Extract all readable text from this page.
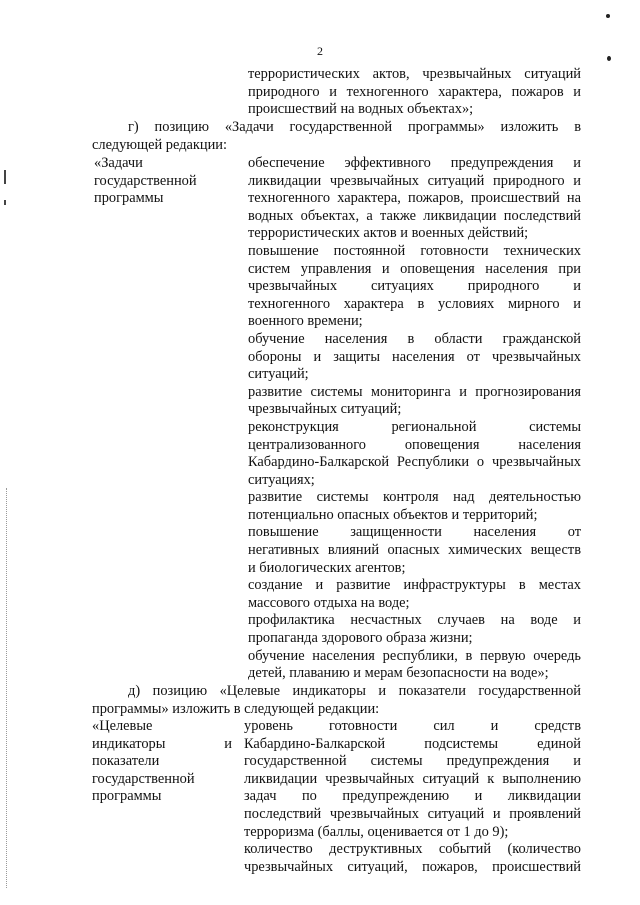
2

террористических актов, чрезвычайных ситуаций

природного и техногенного характера, пожаров и

происшествий на водных объектах»;

г) позицию «Задачи государственной программы» изложить в

следующей редакции:

«Задачи
государственной
программы

обеспечение эффективного предупреждения и

ликвидации чрезвычайных ситуаций природного и

техногенного характера, пожаров, происшествий на

водных объектах, а также ликвидации последствий

террористических актов и военных действий;

повышение постоянной готовности технических

систем управления и оповещения населения при

чрезвычайных ситуациях природного и

техногенного характера в условиях мирного и

военного времени;

обучение населения в области гражданской

обороны и защиты населения от чрезвычайных

ситуаций;

развитие системы мониторинга и прогнозирования

чрезвычайных ситуаций;

реконструкция региональной системы

централизованного оповещения населения

Кабардино-Балкарской Республики о чрезвычайных

ситуациях;

развитие системы контроля над деятельностью

потенциально опасных объектов и территорий;

повышение защищенности населения от

негативных влияний опасных химических веществ

и биологических агентов;

создание и развитие инфраструктуры в местах

массового отдыха на воде;

профилактика несчастных случаев на воде и

пропаганда здорового образа жизни;

обучение населения республики, в первую очередь

детей, плаванию и мерам безопасности на воде»;

д) позицию «Целевые индикаторы и показатели государственной

программы» изложить в следующей редакции:

«Целевые
индикаторы и
показатели
государственной
программы

уровень готовности сил и средств

Кабардино-Балкарской подсистемы единой

государственной системы предупреждения и

ликвидации чрезвычайных ситуаций к выполнению

задач по предупреждению и ликвидации

последствий чрезвычайных ситуаций и проявлений

терроризма (баллы, оценивается от 1 до 9);

количество деструктивных событий (количество

чрезвычайных ситуаций, пожаров, происшествий
